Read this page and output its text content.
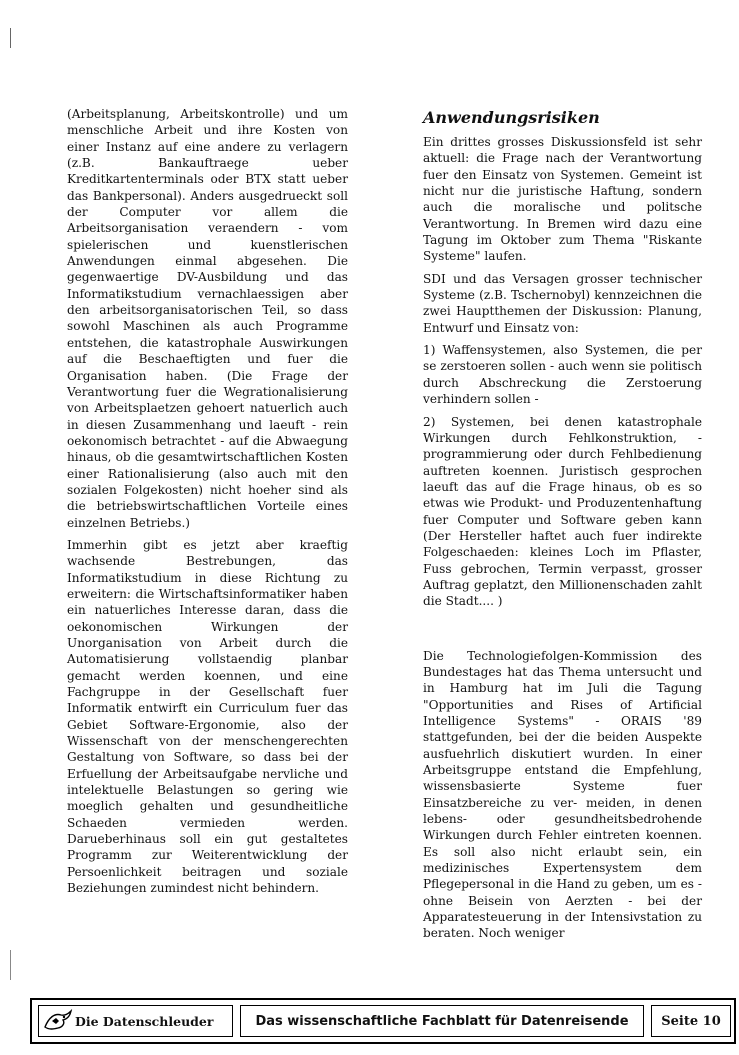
(Arbeitsplanung, Arbeitskontrolle) und um menschliche Arbeit und ihre Kosten von einer Instanz auf eine andere zu verlagern (z.B. Bankauftraege ueber Kreditkartenterminals oder BTX statt ueber das Bankpersonal). Anders ausgedrueckt soll der Computer vor allem die Arbeitsorganisation veraendern - vom spielerischen und kuenstlerischen Anwendungen einmal abgesehen. Die gegenwaertige DV-Ausbildung und das Informatikstudium vernachlaessigen aber den arbeitsorganisatorischen Teil, so dass sowohl Maschinen als auch Programme entstehen, die katastrophale Auswirkungen auf die Beschaeftigten und fuer die Organisation haben. (Die Frage der Verantwortung fuer die Wegrationalisierung von Arbeitsplaetzen gehoert natuerlich auch in diesen Zusammenhang und laeuft - rein oekonomisch betrachtet - auf die Abwaegung hinaus, ob die gesamtwirtschaftlichen Kosten einer Rationalisierung (also auch mit den sozialen Folgekosten) nicht hoeher sind als die betriebswirtschaftlichen Vorteile eines einzelnen Betriebs.)

Immerhin gibt es jetzt aber kraeftig wachsende Bestrebungen, das Informatikstudium in diese Richtung zu erweitern: die Wirtschaftsinformatiker haben ein natuerliches Interesse daran, dass die oekonomischen Wirkungen der Unorganisation von Arbeit durch die Automatisierung vollstaendig planbar gemacht werden koennen, und eine Fachgruppe in der Gesellschaft fuer Informatik entwirft ein Curriculum fuer das Gebiet Software-Ergonomie, also der Wissenschaft von der menschengerechten Gestaltung von Software, so dass bei der Erfuellung der Arbeitsaufgabe nervliche und intelektuelle Belastungen so gering wie moeglich gehalten und gesundheitliche Schaeden vermieden werden. Darueberhinaus soll ein gut gestaltetes Programm zur Weiterentwicklung der Persoenlichkeit beitragen und soziale Beziehungen zumindest nicht behindern.

Anwendungsrisiken

Ein drittes grosses Diskussionsfeld ist sehr aktuell: die Frage nach der Verantwortung fuer den Einsatz von Systemen. Gemeint ist nicht nur die juristische Haftung, sondern auch die moralische und politsche Verantwortung. In Bremen wird dazu eine Tagung im Oktober zum Thema "Riskante Systeme" laufen.

SDI und das Versagen grosser technischer Systeme (z.B. Tschernobyl) kennzeichnen die zwei Hauptthemen der Diskussion: Planung, Entwurf und Einsatz von:

1) Waffensystemen, also Systemen, die per se zerstoeren sollen - auch wenn sie politisch durch Abschreckung die Zerstoerung verhindern sollen -

2) Systemen, bei denen katastrophale Wirkungen durch Fehlkonstruktion, -programmierung oder durch Fehlbedienung auftreten koennen. Juristisch gesprochen laeuft das auf die Frage hinaus, ob es so etwas wie Produkt- und Produzentenhaftung fuer Computer und Software geben kann (Der Hersteller haftet auch fuer indirekte Folgeschaeden: kleines Loch im Pflaster, Fuss gebrochen, Termin verpasst, grosser Auftrag geplatzt, den Millionenschaden zahlt die Stadt.... )

Die Technologiefolgen-Kommission des Bundestages hat das Thema untersucht und in Hamburg hat im Juli die Tagung "Opportunities and Rises of Artificial Intelligence Systems" - ORAIS '89 stattgefunden, bei der die beiden Auspekte ausfuehrlich diskutiert wurden. In einer Arbeitsgruppe entstand die Empfehlung, wissensbasierte Systeme fuer Einsatzbereiche zu ver- meiden, in denen lebens- oder gesundheitsbedrohende Wirkungen durch Fehler eintreten koennen. Es soll also nicht erlaubt sein, ein medizinisches Expertensystem dem Pflegepersonal in die Hand zu geben, um es - ohne Beisein von Aerzten - bei der Apparatesteuerung in der Intensivstation zu beraten. Noch weniger

Die Datenschleuder	Das wissenschaftliche Fachblatt für Datenreisende	Seite 10
